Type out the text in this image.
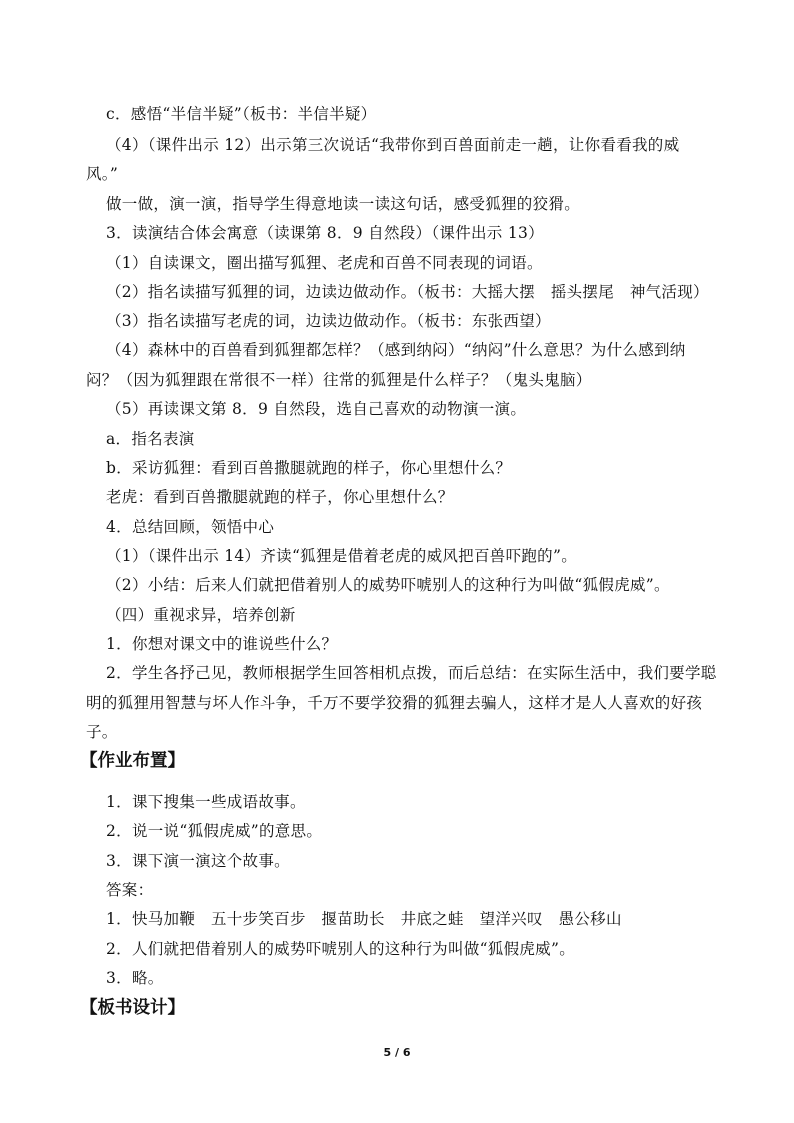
c．感悟“半信半疑”（板书：半信半疑）
（4）（课件出示 12）出示第三次说话“我带你到百兽面前走一趟，让你看看我的威
风。”
做一做，演一演，指导学生得意地读一读这句话，感受狐狸的狡猾。
3．读演结合体会寓意（读课第 8．9 自然段）（课件出示 13）
（1）自读课文，圈出描写狐狸、老虎和百兽不同表现的词语。
（2）指名读描写狐狸的词，边读边做动作。（板书：大摇大摆　摇头摆尾　神气活现）
（3）指名读描写老虎的词，边读边做动作。（板书：东张西望）
（4）森林中的百兽看到狐狸都怎样？（感到纳闷）“纳闷”什么意思？为什么感到纳
闷？（因为狐狸跟在常很不一样）往常的狐狸是什么样子？（鬼头鬼脑）
（5）再读课文第 8．9 自然段，选自己喜欢的动物演一演。
a．指名表演
b．采访狐狸：看到百兽撒腿就跑的样子，你心里想什么？
老虎：看到百兽撒腿就跑的样子，你心里想什么？
4．总结回顾，领悟中心
（1）（课件出示 14）齐读“狐狸是借着老虎的威风把百兽吓跑的”。
（2）小结：后来人们就把借着别人的威势吓唬别人的这种行为叫做“狐假虎威”。
（四）重视求异，培养创新
1．你想对课文中的谁说些什么？
2．学生各抒己见，教师根据学生回答相机点拨，而后总结：在实际生活中，我们要学聪
明的狐狸用智慧与坏人作斗争，千万不要学狡猾的狐狸去骗人，这样才是人人喜欢的好孩
子。
【作业布置】
1．课下搜集一些成语故事。
2．说一说“狐假虎威”的意思。
3．课下演一演这个故事。
答案：
1．快马加鞭　五十步笑百步　揠苗助长　井底之蛙　望洋兴叹　愚公移山
2．人们就把借着别人的威势吓唬别人的这种行为叫做“狐假虎威”。
3．略。
【板书设计】
5 / 6
